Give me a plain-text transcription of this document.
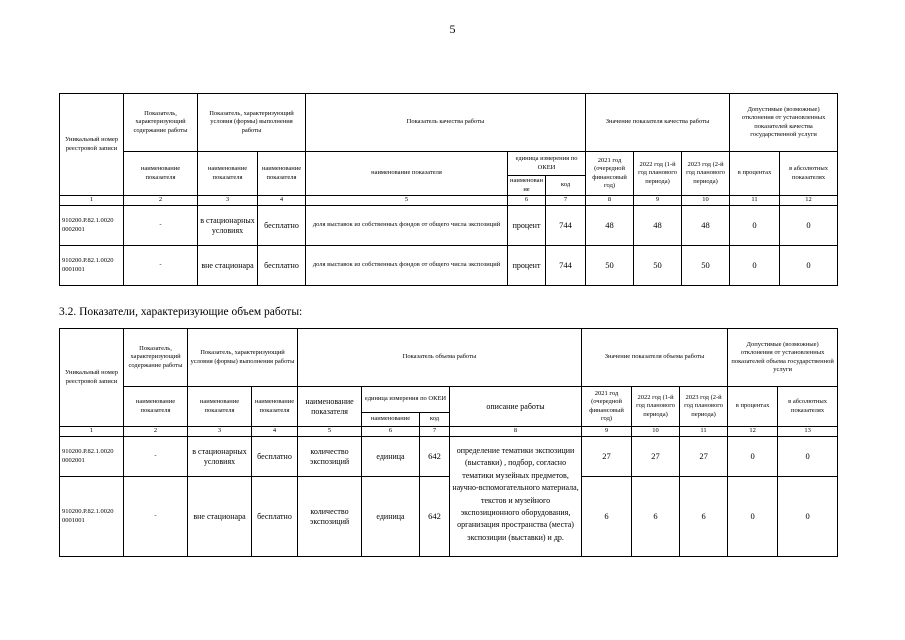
5
Уникальный номер реестровой записи	Показатель, характеризующий содержание работы	Показатель, характеризующий условия (формы) выполнения работы		Показатель качества работы			Значение показателя качества работы			Допустимые (возможные) отклонения от установленных показателей качества государственной услуги	
	наименование показателя	наименование показателя	наименование показателя	наименование показателя	единица измерения по ОКЕИ		2021 год (очередной финансовый год)	2022 год (1-й год планового периода)	2023 год (2-й год планового периода)	в процентах	в абсолютных показателях
					наименование	код					
1	2	3	4	5	6	7	8	9	10	11	12
910200.Р.82.1.0020 0002001	-	в стационарных условиях	бесплатно	доля выставок из собственных фондов от общего числа экспозиций	процент	744	48	48	48	0	0
910200.Р.82.1.0020 0001001	-	вне стационара	бесплатно	доля выставок из собственных фондов от общего числа экспозиций	процент	744	50	50	50	0	0
3.2. Показатели, характеризующие объем работы:
Уникальный номер реестровой записи	Показатель, характеризующий содержание работы	Показатель, характеризующий условия (формы) выполнения работы		Показатель объема работы				Значение показателя объема работы			Допустимые (возможные) отклонения от установленных показателей объема государственной услуги	
	наименование показателя	наименование показателя	наименование показателя	наименование показателя	единица измерения по ОКЕИ		описание работы	2021 год (очередной финансовый год)	2022 год (1-й год планового периода)	2023 год (2-й год планового периода)	в процентах	в абсолютных показателях
					наименование	код						
1	2	3	4	5	6	7	8	9	10	11	12	13
910200.Р.82.1.0020 0002001	-	в стационарных условиях	бесплатно	количество экспозиций	единица	642	определение тематики экспозиции (выставки) , подбор, согласно тематики музейных предметов, научно-вспомогательного материала, текстов и музейного экспозиционного оборудования, организация пространства (места) экспозиции (выставки) и др.	27	27	27	0	0
910200.Р.82.1.0020 0001001	-	вне стационара	бесплатно	количество экспозиций	единица	642		6	6	6	0	0
